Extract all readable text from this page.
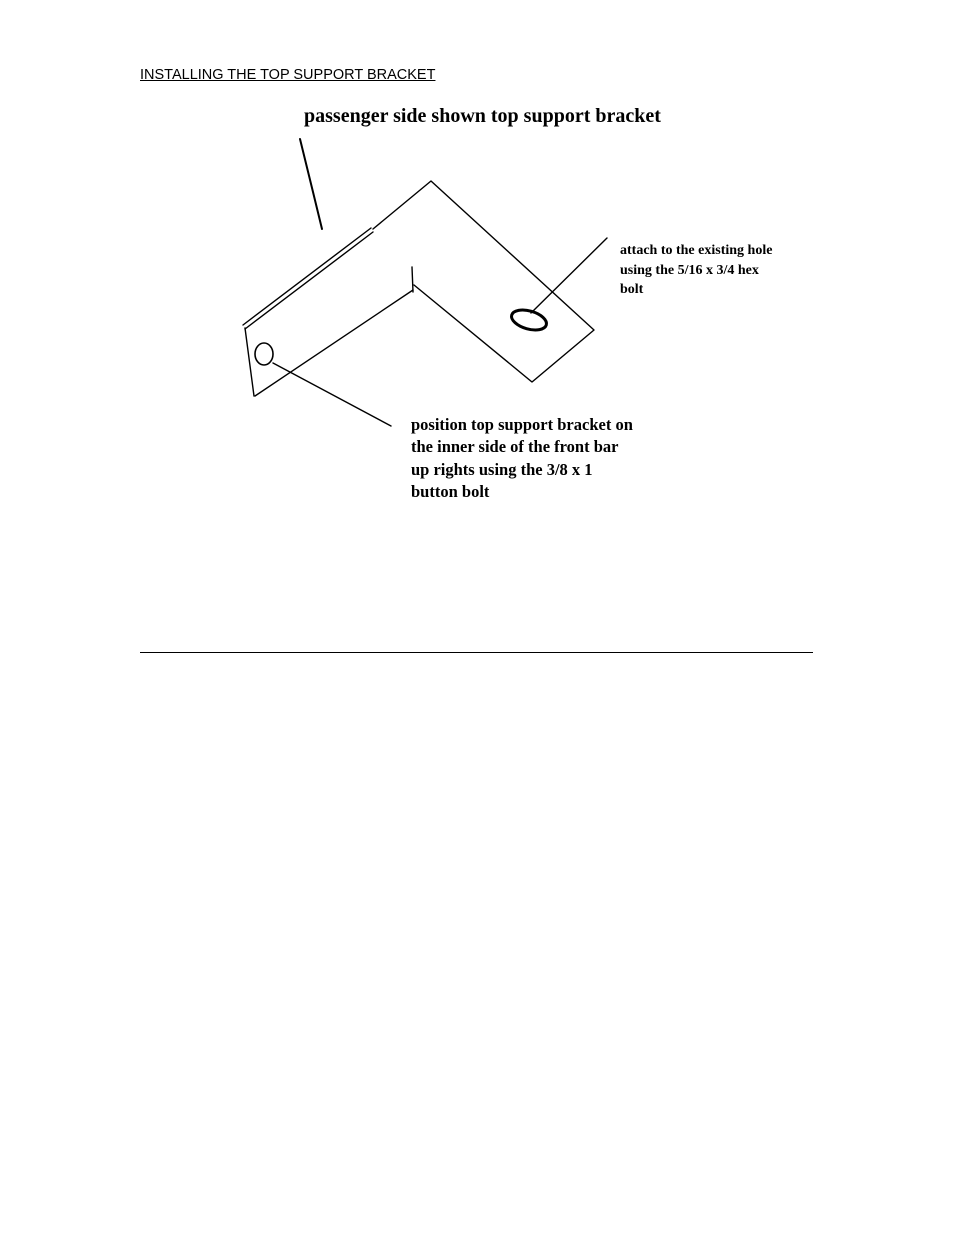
INSTALLING THE TOP SUPPORT BRACKET
passenger side shown top support bracket
attach to the existing hole
using the 5/16 x 3/4 hex
bolt
position top support bracket on
the inner side of the front bar
up rights using the 3/8 x 1
button bolt
